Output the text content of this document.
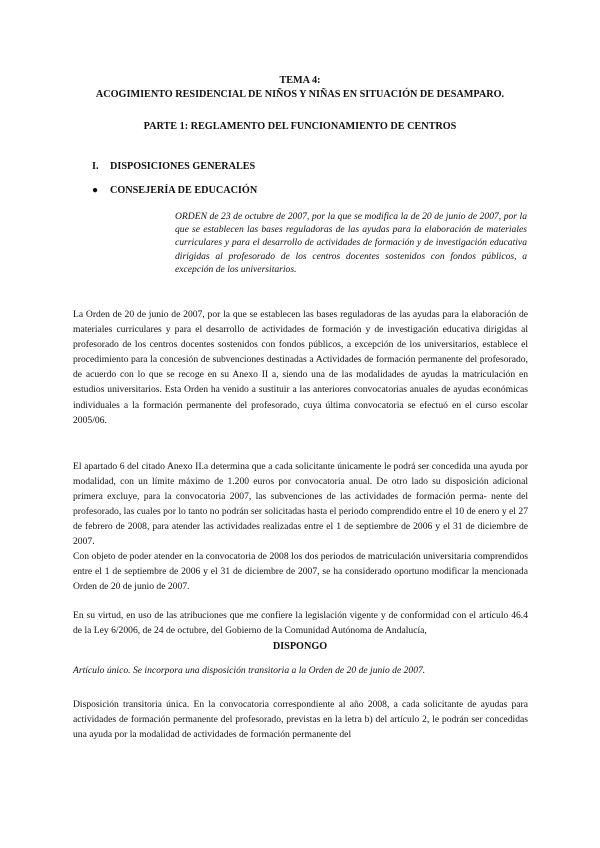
TEMA 4:

ACOGIMIENTO RESIDENCIAL DE NIÑOS Y NIÑAS EN SITUACIÓN DE DESAMPARO.

PARTE 1: REGLAMENTO DEL FUNCIONAMIENTO DE CENTROS

I. DISPOSICIONES GENERALES
● CONSEJERÍA DE EDUCACIÓN

ORDEN de 23 de octubre de 2007, por la que se modifica la de 20 de junio de 2007, por la que se establecen las bases reguladoras de las ayudas para la elaboración de materiales curriculares y para el desarrollo de actividades de formación y de investigación educativa dirigidas al profesorado de los centros docentes sostenidos con fondos públicos, a excepción de los universitarios.

La Orden de 20 de junio de 2007, por la que se establecen las bases reguladoras de las ayudas para la elaboración de materiales curriculares y para el desarrollo de actividades de formación y de investigación educativa dirigidas al profesorado de los centros docentes sostenidos con fondos públicos, a excepción de los universitarios, establece el procedimiento para la concesión de subvenciones destinadas a Actividades de formación permanente del profesorado, de acuerdo con lo que se recoge en su Anexo II a, siendo una de las modalidades de ayudas la matriculación en estudios universitarios. Esta Orden ha venido a sustituir a las anteriores convocatorias anuales de ayudas económicas individuales a la formación permanente del profesorado, cuya última convocatoria se efectuó en el curso escolar 2005/06.

El apartado 6 del citado Anexo II.a determina que a cada solicitante únicamente le podrá ser concedida una ayuda por modalidad, con un límite máximo de 1.200 euros por convocatoria anual. De otro lado su disposición adicional primera excluye, para la convocatoria 2007, las subvenciones de las actividades de formación perma- nente del profesorado, las cuales por lo tanto no podrán ser solicitadas hasta el periodo comprendido entre el 10 de enero y el 27 de febrero de 2008, para atender las actividades realizadas entre el 1 de septiembre de 2006 y el 31 de diciembre de 2007.

Con objeto de poder atender en la convocatoria de 2008 los dos periodos de matriculación universitaria comprendidos entre el 1 de septiembre de 2006 y el 31 de diciembre de 2007, se ha considerado oportuno modificar la mencionada Orden de 20 de junio de 2007.

En su virtud, en uso de las atribuciones que me confiere la legislación vigente y de conformidad con el artículo 46.4 de la Ley 6/2006, de 24 de octubre, del Gobierno de la Comunidad Autónoma de Andalucía,

DISPONGO

Artículo único. Se incorpora una disposición transitoria a la Orden de 20 de junio de 2007.

Disposición transitoria única. En la convocatoria correspondiente al año 2008, a cada solicitante de ayudas para actividades de formación permanente del profesorado, previstas en la letra b) del artículo 2, le podrán ser concedidas una ayuda por la modalidad de actividades de formación permanente del
